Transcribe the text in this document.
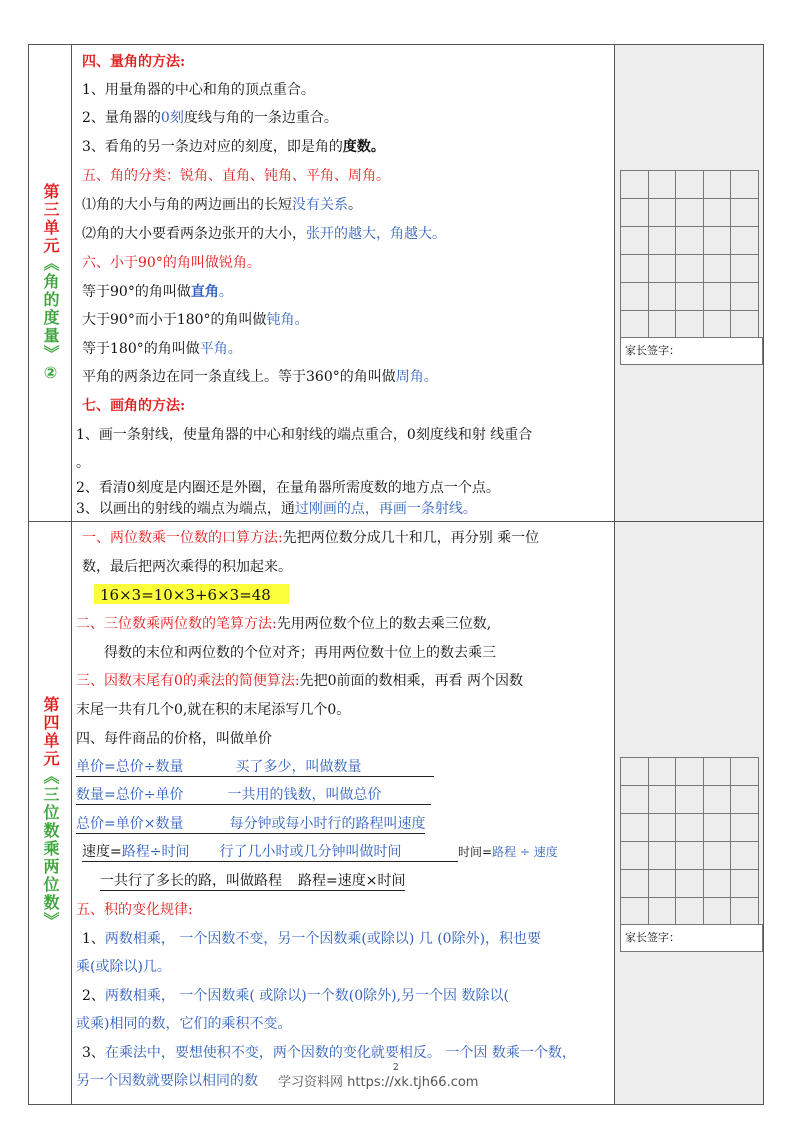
第三单元《角的度量》②
四、量角的方法:
1、用量角器的中心和角的顶点重合。
2、量角器的0刻度线与角的一条边重合。
3、看角的另一条边对应的刻度，即是角的度数。
五、角的分类：锐角、直角、钝角、平角、周角。
⑴角的大小与角的两边画出的长短没有关系。
⑵角的大小要看两条边张开的大小，张开的越大，角越大。
六、小于90°的角叫做锐角。
等于90°的角叫做直角。
大于90°而小于180°的角叫做钝角。
等于180°的角叫做平角。
平角的两条边在同一条直线上。等于360°的角叫做周角。
七、画角的方法:
1、画一条射线，使量角器的中心和射线的端点重合，0刻度线和射 线重合
。
2、看清0刻度是内圈还是外圈，在量角器所需度数的地方点一个点。
3、以画出的射线的端点为端点，通过刚画的点，再画一条射线。

家长签字：
第四单元《三位数乘两位数》
一、两位数乘一位数的口算方法:先把两位数分成几十和几，再分别 乘一位
数，最后把两次乘得的积加起来。
16×3=10×3+6×3=48
二、三位数乘两位数的笔算方法:先用两位数个位上的数去乘三位数,
得数的末位和两位数的个位对齐；再用两位数十位上的数去乘三
三、因数末尾有0的乘法的简便算法:先把0前面的数相乘，再看 两个因数
末尾一共有几个0,就在积的末尾添写几个0。
四、每件商品的价格，叫做单价
单价=总价÷数量	买了多少，叫做数量
数量=总价÷单价	一共用的钱数，叫做总价
总价=单价×数量	每分钟或每小时行的路程叫速度
速度=路程÷时间 行了几小时或几分钟叫做时间	时间=路程 ÷ 速度
一共行了多长的路，叫做路程 路程=速度×时间
五、积的变化规律:
1、两数相乘， 一个因数不变，另一个因数乘(或除以) 几 (0除外)，积也要
乘(或除以)几。
2、两数相乘， 一个因数乘( 或除以)一个数(0除外),另一个因 数除以(
或乘)相同的数，它们的乘积不变。
3、在乘法中，要想使积不变，两个因数的变化就要相反。 一个因 数乘一个数，
另一个因数就要除以相同的数

家长签字：
2
学习资料网 https://xk.tjh66.com
